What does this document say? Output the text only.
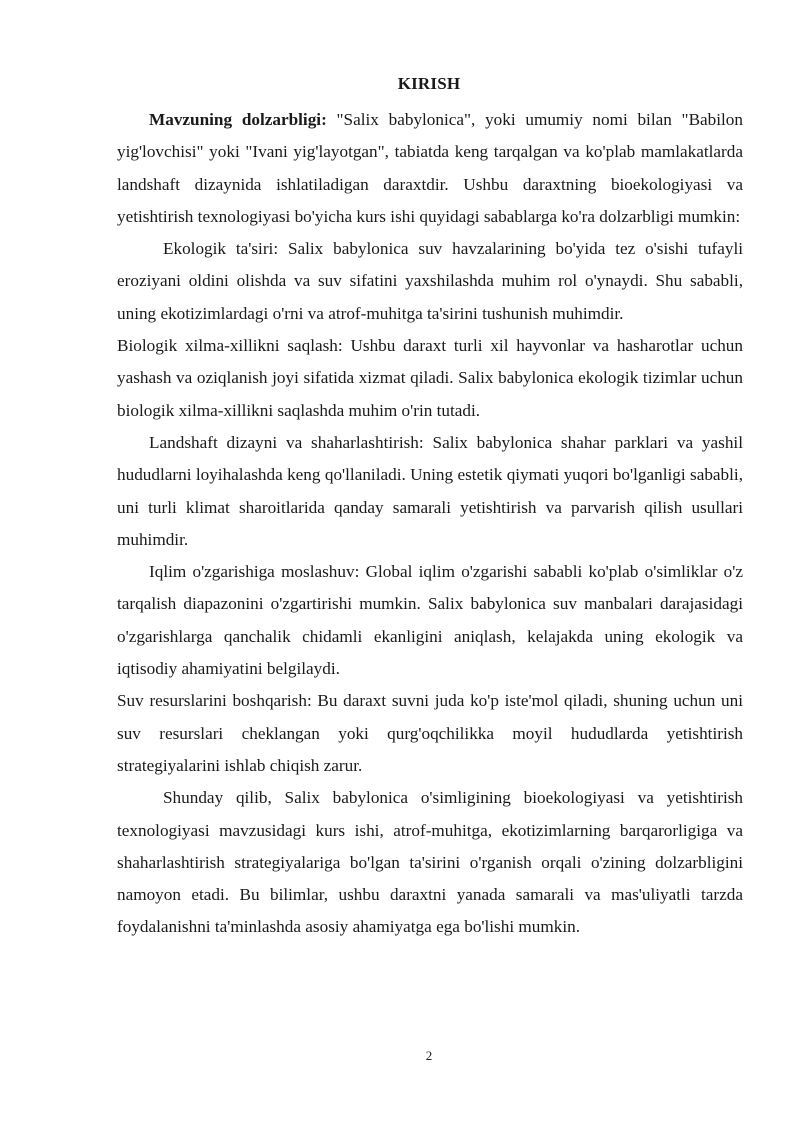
KIRISH

Mavzuning dolzarbligi: "Salix babylonica", yoki umumiy nomi bilan "Babilon yig'lovchisi" yoki "Ivani yig'layotgan", tabiatda keng tarqalgan va ko'plab mamlakatlarda landshaft dizaynida ishlatiladigan daraxtdir. Ushbu daraxtning bioekologiyasi va yetishtirish texnologiyasi bo'yicha kurs ishi quyidagi sabablarga ko'ra dolzarbligi mumkin:

Ekologik ta'siri: Salix babylonica suv havzalarining bo'yida tez o'sishi tufayli eroziyani oldini olishda va suv sifatini yaxshilashda muhim rol o'ynaydi. Shu sababli, uning ekotizimlardagi o'rni va atrof-muhitga ta'sirini tushunish muhimdir.

Biologik xilma-xillikni saqlash: Ushbu daraxt turli xil hayvonlar va hasharotlar uchun yashash va oziqlanish joyi sifatida xizmat qiladi. Salix babylonica ekologik tizimlar uchun biologik xilma-xillikni saqlashda muhim o'rin tutadi.

Landshaft dizayni va shaharlashtirish: Salix babylonica shahar parklari va yashil hududlarni loyihalashda keng qo'llaniladi. Uning estetik qiymati yuqori bo'lganligi sababli, uni turli klimat sharoitlarida qanday samarali yetishtirish va parvarish qilish usullari muhimdir.

Iqlim o'zgarishiga moslashuv: Global iqlim o'zgarishi sababli ko'plab o'simliklar o'z tarqalish diapazonini o'zgartirishi mumkin. Salix babylonica suv manbalari darajasidagi o'zgarishlarga qanchalik chidamli ekanligini aniqlash, kelajakda uning ekologik va iqtisodiy ahamiyatini belgilaydi.

Suv resurslarini boshqarish: Bu daraxt suvni juda ko'p iste'mol qiladi, shuning uchun uni suv resurslari cheklangan yoki qurg'oqchilikka moyil hududlarda yetishtirish strategiyalarini ishlab chiqish zarur.

Shunday qilib, Salix babylonica o'simligining bioekologiyasi va yetishtirish texnologiyasi mavzusidagi kurs ishi, atrof-muhitga, ekotizimlarning barqarorligiga va shaharlashtirish strategiyalariga bo'lgan ta'sirini o'rganish orqali o'zining dolzarbligini namoyon etadi. Bu bilimlar, ushbu daraxtni yanada samarali va mas'uliyatli tarzda foydalanishni ta'minlashda asosiy ahamiyatga ega bo'lishi mumkin.

2
